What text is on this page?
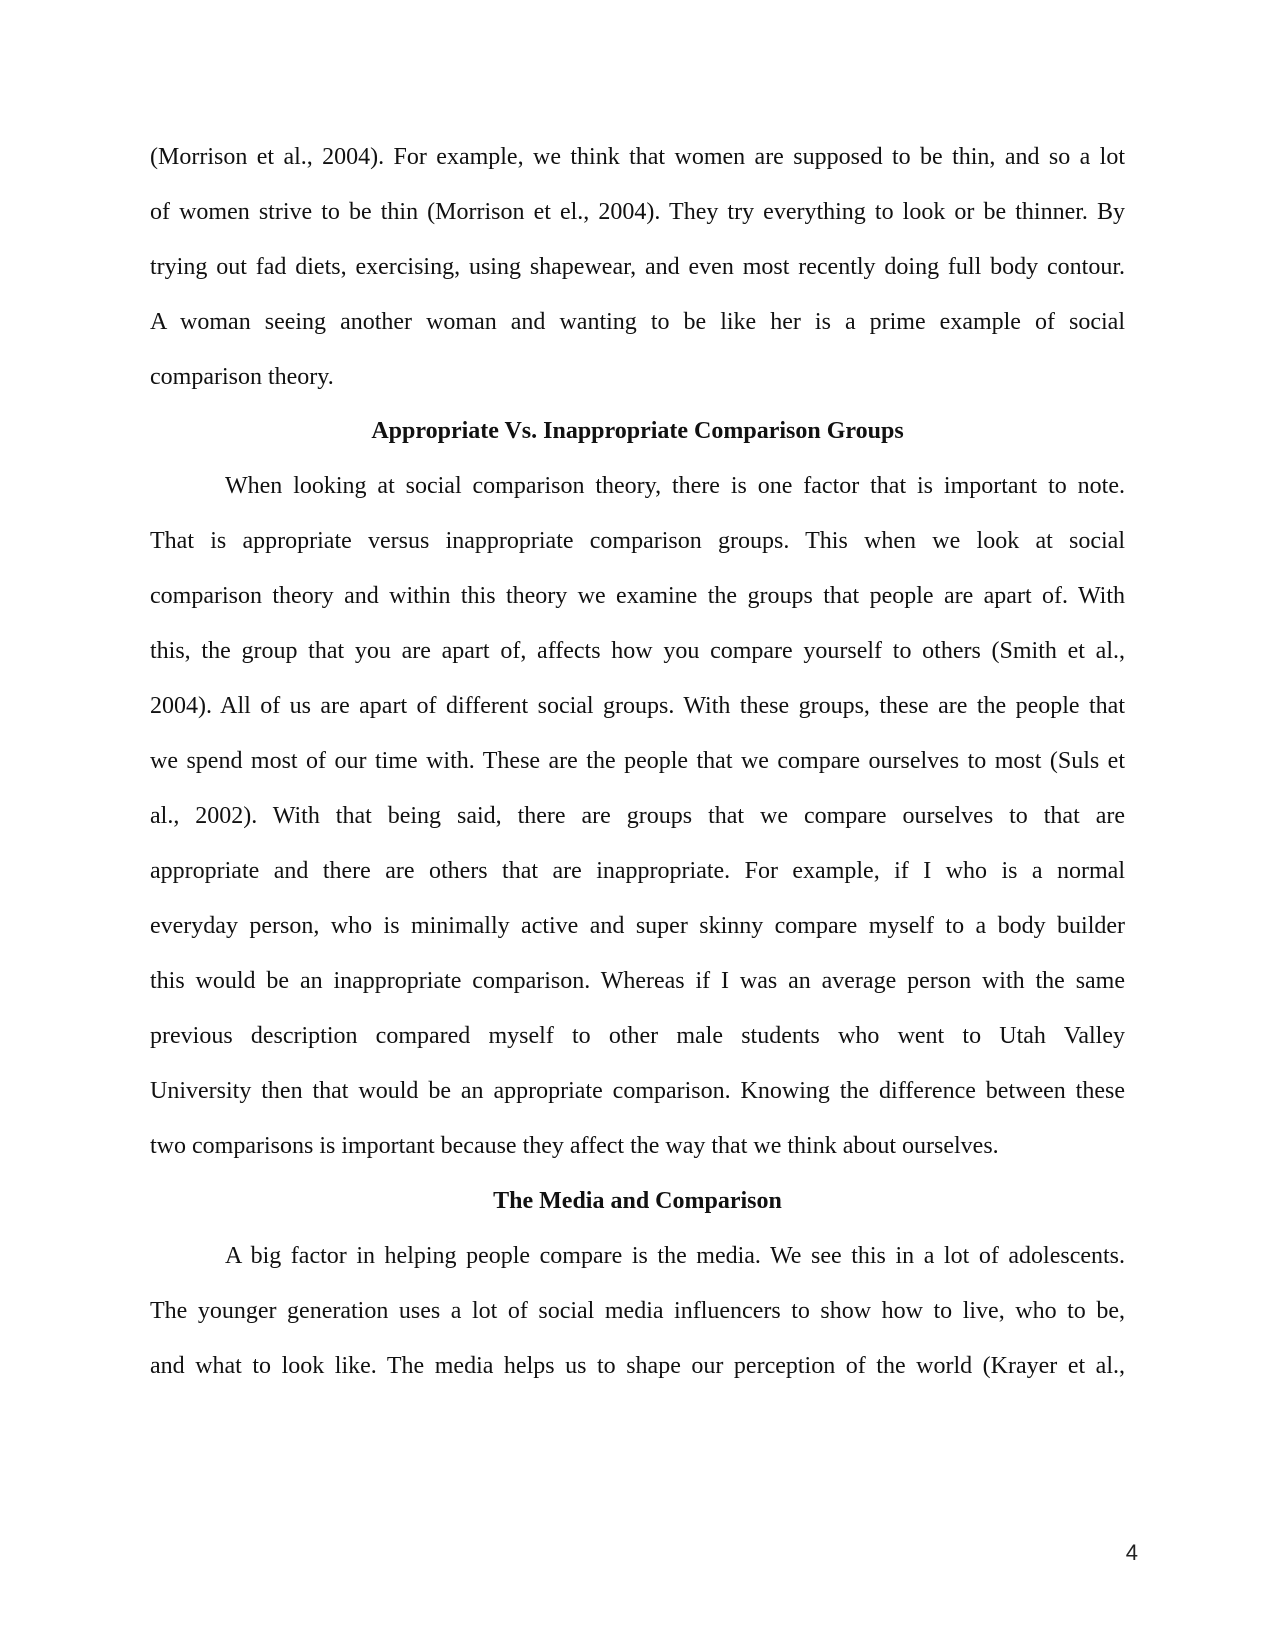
(Morrison et al., 2004). For example, we think that women are supposed to be thin, and so a lot
of women strive to be thin (Morrison et el., 2004). They try everything to look or be thinner. By
trying out fad diets, exercising, using shapewear, and even most recently doing full body contour.
A woman seeing another woman and wanting to be like her is a prime example of social
comparison theory.
Appropriate Vs. Inappropriate Comparison Groups
When looking at social comparison theory, there is one factor that is important to note.
That is appropriate versus inappropriate comparison groups. This when we look at social
comparison theory and within this theory we examine the groups that people are apart of. With
this, the group that you are apart of, affects how you compare yourself to others (Smith et al.,
2004). All of us are apart of different social groups. With these groups, these are the people that
we spend most of our time with. These are the people that we compare ourselves to most (Suls et
al., 2002). With that being said, there are groups that we compare ourselves to that are
appropriate and there are others that are inappropriate. For example, if I who is a normal
everyday person, who is minimally active and super skinny compare myself to a body builder
this would be an inappropriate comparison. Whereas if I was an average person with the same
previous description compared myself to other male students who went to Utah Valley
University then that would be an appropriate comparison. Knowing the difference between these
two comparisons is important because they affect the way that we think about ourselves.
The Media and Comparison
A big factor in helping people compare is the media. We see this in a lot of adolescents.
The younger generation uses a lot of social media influencers to show how to live, who to be,
and what to look like. The media helps us to shape our perception of the world (Krayer et al.,
4
